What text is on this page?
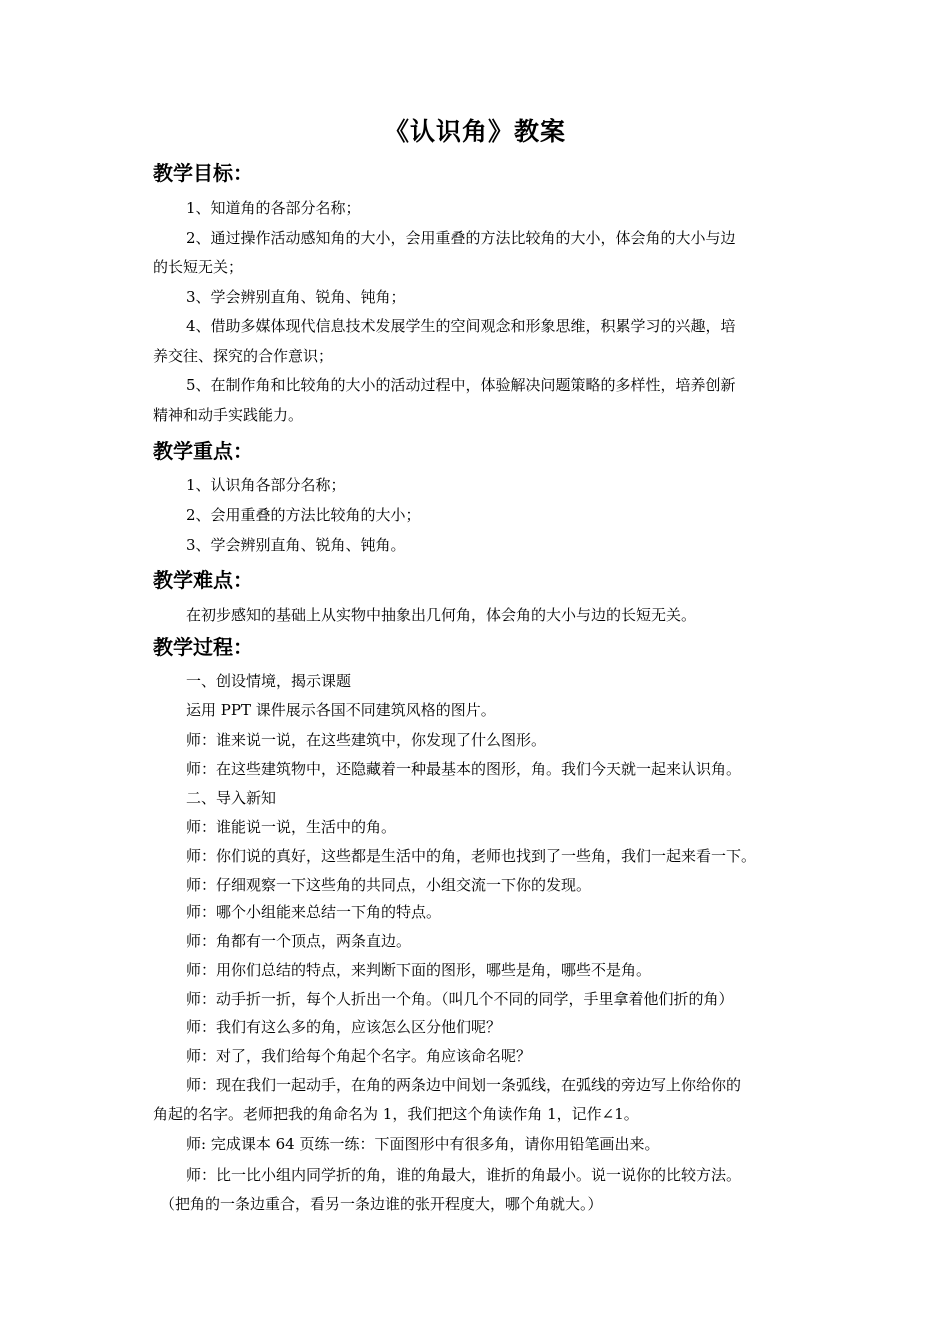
《认识角》教案
教学目标：
1、知道角的各部分名称；
2、通过操作活动感知角的大小，会用重叠的方法比较角的大小，体会角的大小与边
的长短无关；
3、学会辨别直角、锐角、钝角；
4、借助多媒体现代信息技术发展学生的空间观念和形象思维，积累学习的兴趣，培
养交往、探究的合作意识；
5、在制作角和比较角的大小的活动过程中，体验解决问题策略的多样性，培养创新
精神和动手实践能力。
教学重点：
1、认识角各部分名称；
2、会用重叠的方法比较角的大小；
3、学会辨别直角、锐角、钝角。
教学难点：
在初步感知的基础上从实物中抽象出几何角，体会角的大小与边的长短无关。
教学过程：
一、创设情境，揭示课题
运用 PPT 课件展示各国不同建筑风格的图片。
师：谁来说一说，在这些建筑中，你发现了什么图形。
师：在这些建筑物中，还隐藏着一种最基本的图形，角。我们今天就一起来认识角。
二、导入新知
师：谁能说一说，生活中的角。
师：你们说的真好，这些都是生活中的角，老师也找到了一些角，我们一起来看一下。
师：仔细观察一下这些角的共同点，小组交流一下你的发现。
师：哪个小组能来总结一下角的特点。
师：角都有一个顶点，两条直边。
师：用你们总结的特点，来判断下面的图形，哪些是角，哪些不是角。
师：动手折一折，每个人折出一个角。（叫几个不同的同学，手里拿着他们折的角）
师：我们有这么多的角，应该怎么区分他们呢？
师：对了，我们给每个角起个名字。角应该命名呢？
师：现在我们一起动手，在角的两条边中间划一条弧线，在弧线的旁边写上你给你的
角起的名字。老师把我的角命名为 1，我们把这个角读作角 1，记作∠1。
师: 完成课本 64 页练一练：下面图形中有很多角，请你用铅笔画出来。
师：比一比小组内同学折的角，谁的角最大，谁折的角最小。说一说你的比较方法。
（把角的一条边重合，看另一条边谁的张开程度大，哪个角就大。）
